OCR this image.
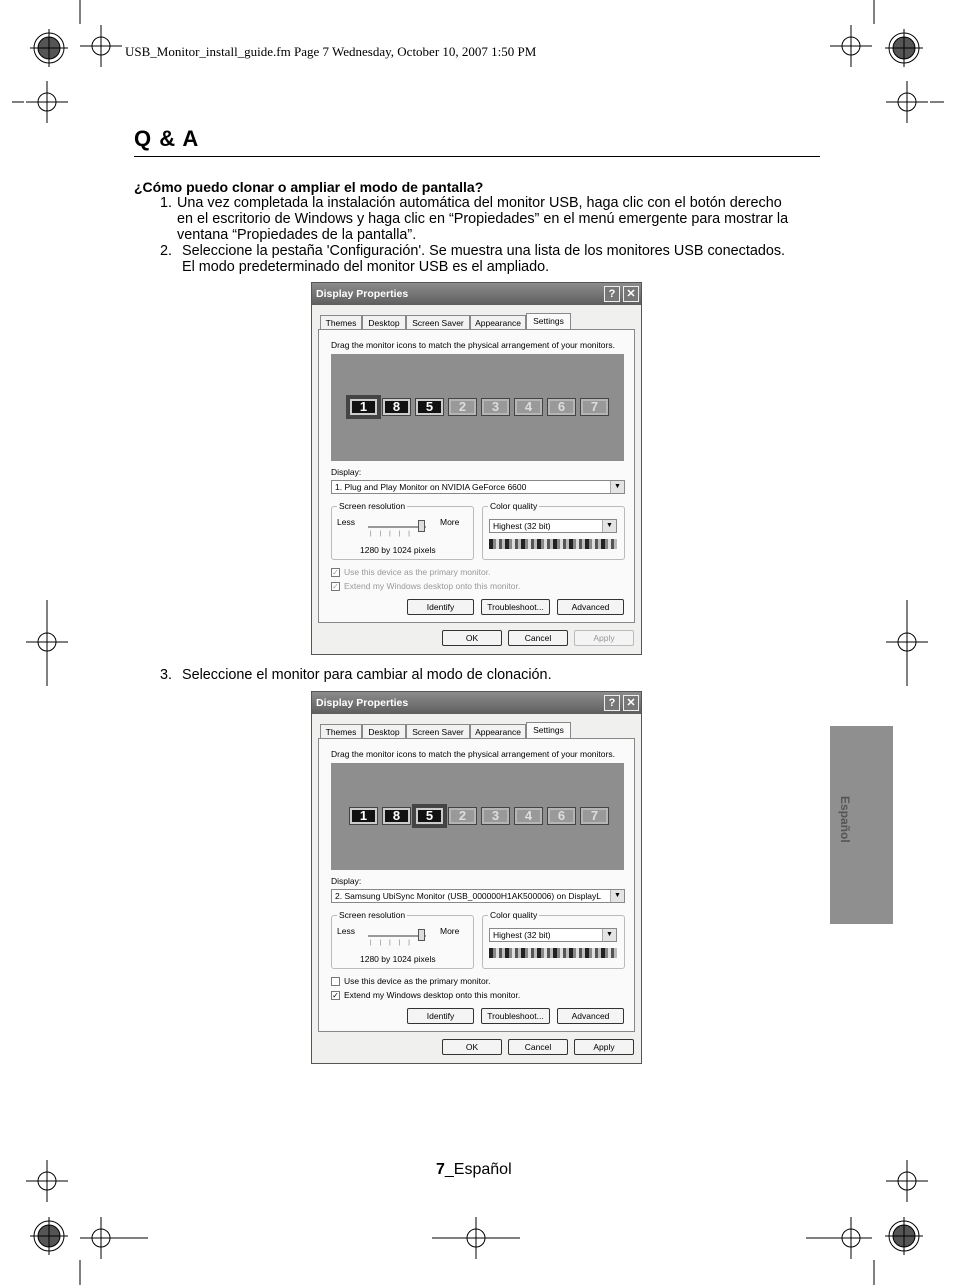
USB_Monitor_install_guide.fm Page 7 Wednesday, October 10, 2007 1:50 PM
Q & A
¿Cómo puedo clonar o ampliar el modo de pantalla?
1. Una vez completada la instalación automática del monitor USB, haga clic con el botón derecho
en el escritorio de Windows y haga clic en “Propiedades” en el menú emergente para mostrar la
ventana “Propiedades de la pantalla”.
2. Seleccione la pestaña 'Configuración'. Se muestra una lista de los monitores USB conectados.
El modo predeterminado del monitor USB es el ampliado.
Display Properties	?	✕
Themes	Desktop	Screen Saver	Appearance	Settings
Drag the monitor icons to match the physical arrangement of your monitors.
1	8	5	2	3	4	6	7
Display:
1. Plug and Play Monitor on NVIDIA GeForce 6600	▼
Screen resolution
Less	More
|||||
1280 by 1024 pixels
Color quality
Highest (32 bit)	▼
✓ Use this device as the primary monitor.
✓ Extend my Windows desktop onto this monitor.
Identify	Troubleshoot...	Advanced
OK	Cancel	Apply
3. Seleccione el monitor para cambiar al modo de clonación.
Display Properties	?	✕
Themes	Desktop	Screen Saver	Appearance	Settings
Drag the monitor icons to match the physical arrangement of your monitors.
1	8	5	2	3	4	6	7
Display:
2. Samsung UbiSync Monitor (USB_000000H1AK500006) on DisplayL	▼
Screen resolution
Less	More
|||||
1280 by 1024 pixels
Color quality
Highest (32 bit)	▼
Use this device as the primary monitor.
✓ Extend my Windows desktop onto this monitor.
Identify	Troubleshoot...	Advanced
OK	Cancel	Apply
Español
7_Español
